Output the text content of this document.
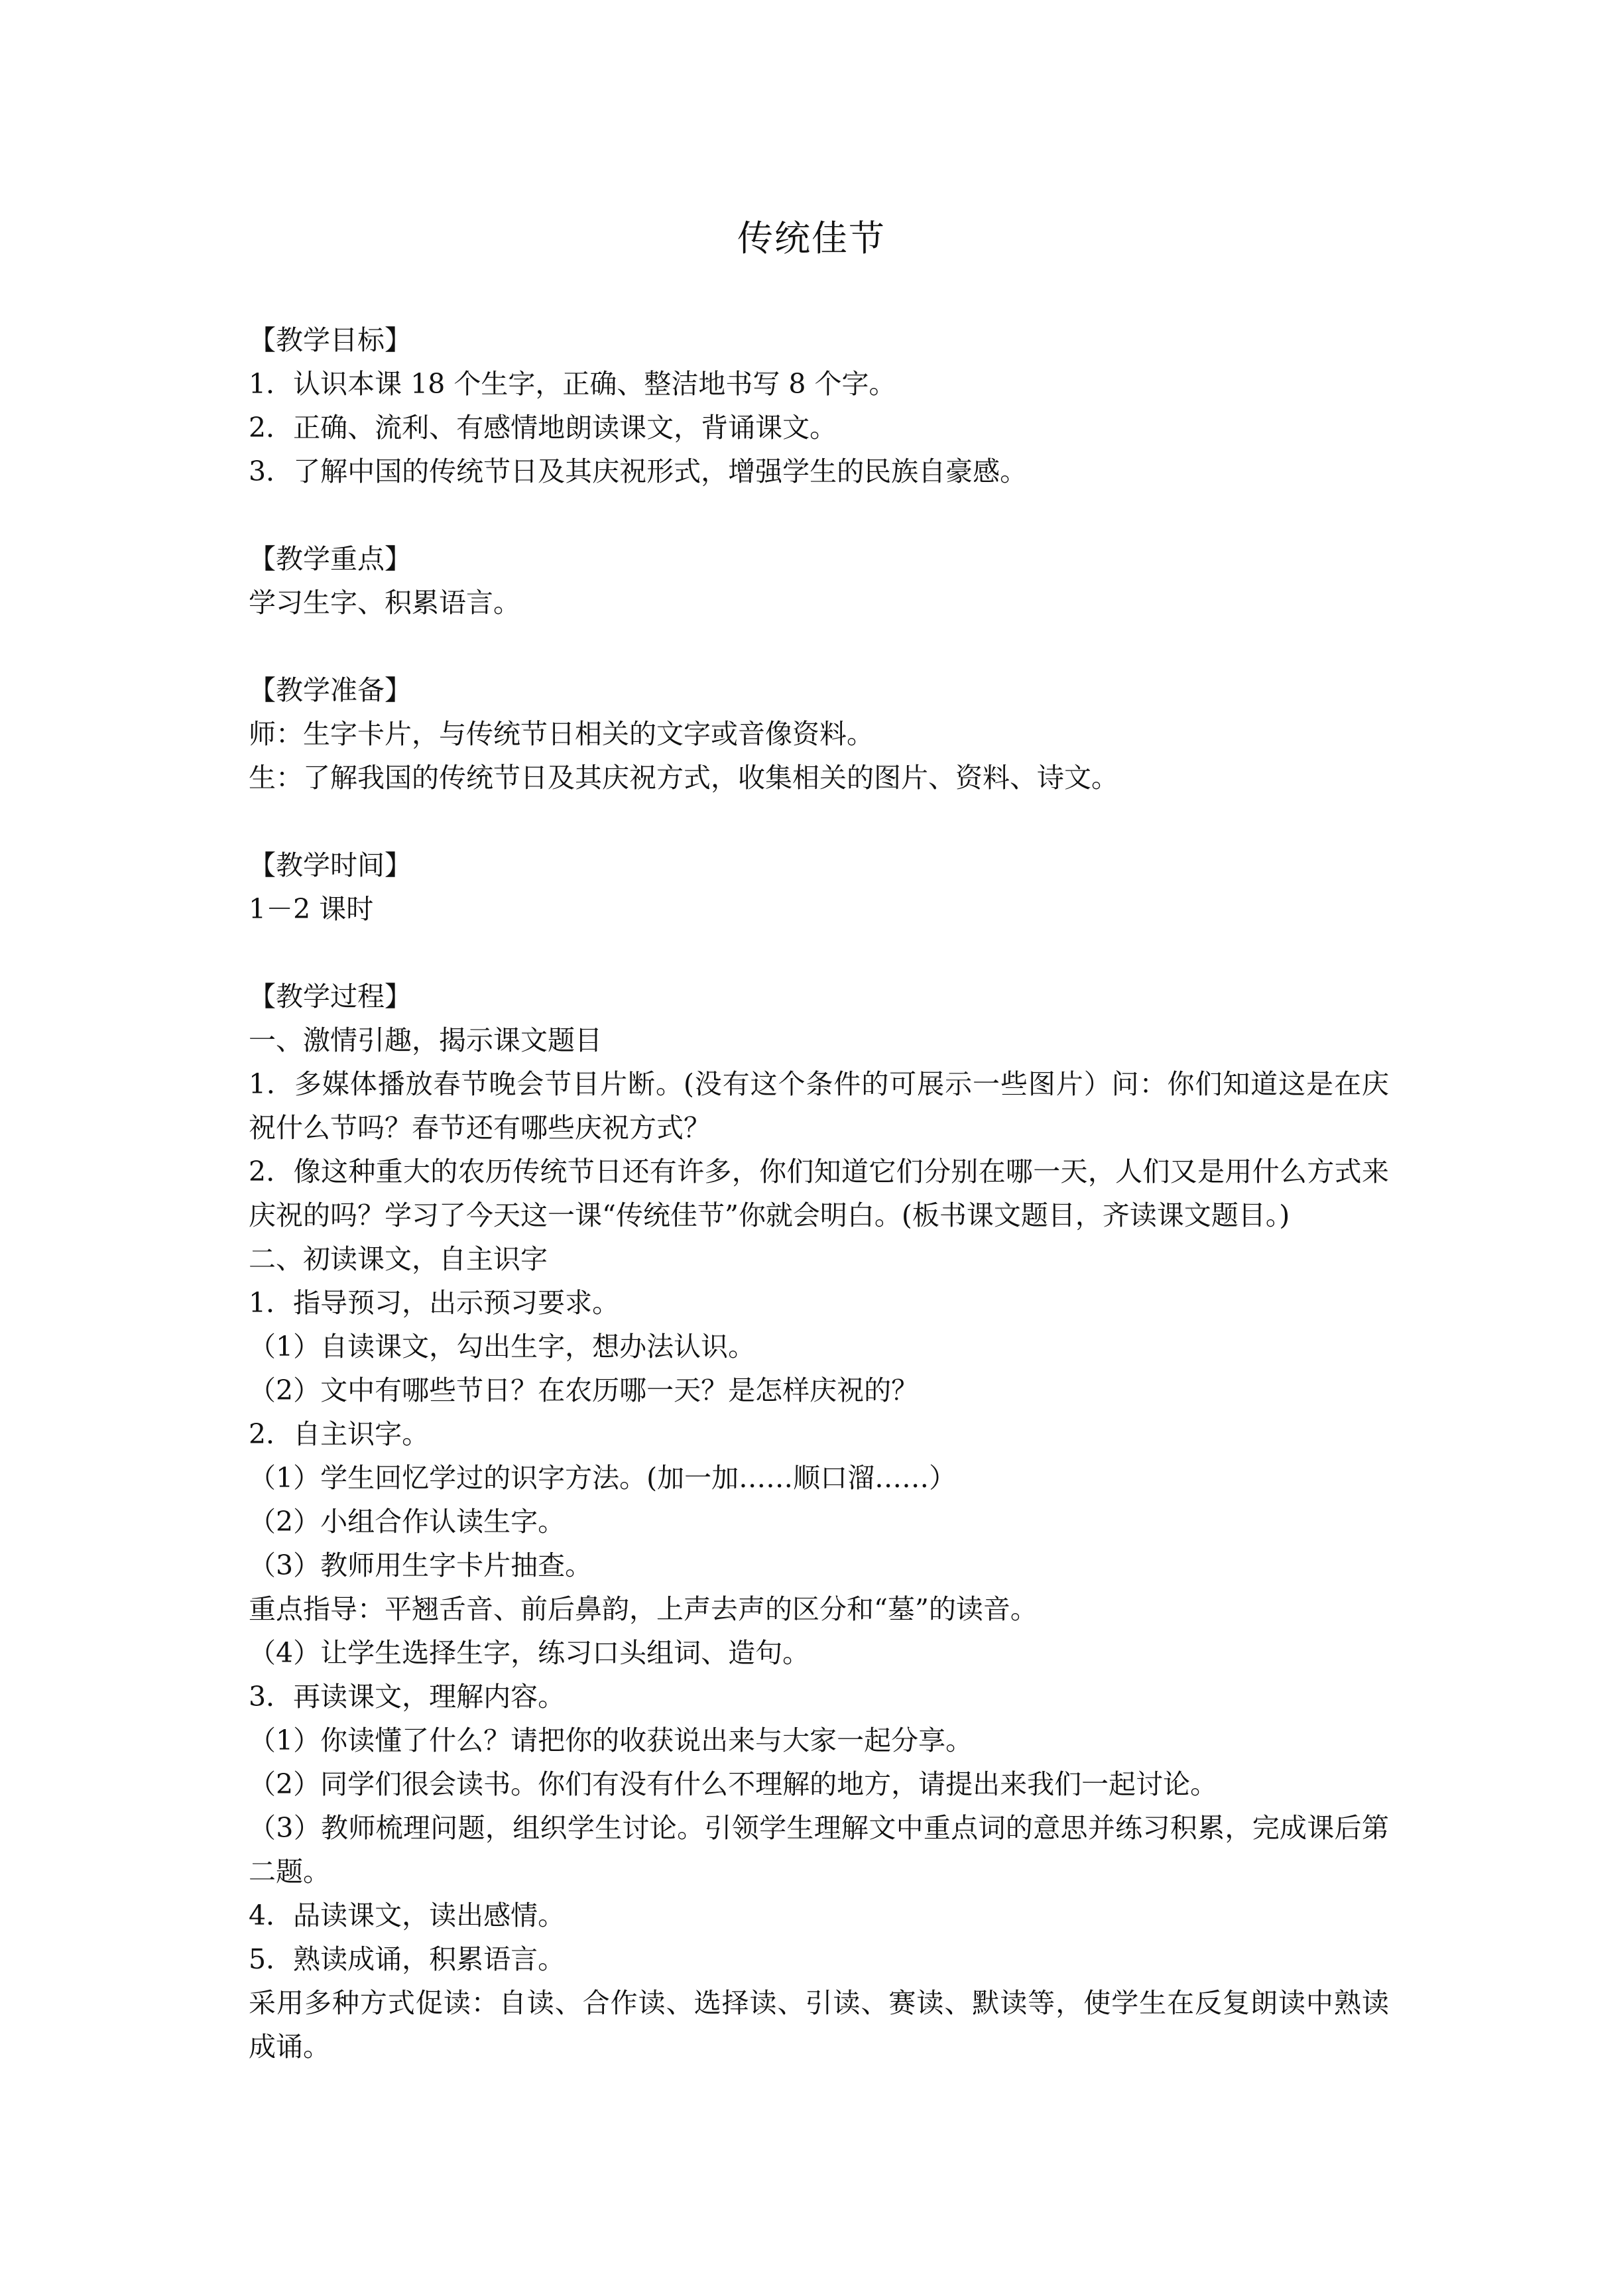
传统佳节

【教学目标】

1．认识本课 18 个生字，正确、整洁地书写 8 个字。

2．正确、流利、有感情地朗读课文，背诵课文。

3．了解中国的传统节日及其庆祝形式，增强学生的民族自豪感。

【教学重点】

学习生字、积累语言。

【教学准备】

师：生字卡片，与传统节日相关的文字或音像资料。

生：了解我国的传统节日及其庆祝方式，收集相关的图片、资料、诗文。

【教学时间】

1－2 课时

【教学过程】

一、激情引趣，揭示课文题目

1．多媒体播放春节晚会节目片断。(没有这个条件的可展示一些图片）问：你们知道这是在庆祝什么节吗？春节还有哪些庆祝方式？

2．像这种重大的农历传统节日还有许多，你们知道它们分别在哪一天，人们又是用什么方式来庆祝的吗？学习了今天这一课“传统佳节”你就会明白。(板书课文题目，齐读课文题目。)

二、初读课文，自主识字

1．指导预习，出示预习要求。

（1）自读课文，勾出生字，想办法认识。

（2）文中有哪些节日？在农历哪一天？是怎样庆祝的？

2．自主识字。

（1）学生回忆学过的识字方法。(加一加……顺口溜……）

（2）小组合作认读生字。

（3）教师用生字卡片抽查。

重点指导：平翘舌音、前后鼻韵，上声去声的区分和“墓”的读音。

（4）让学生选择生字，练习口头组词、造句。

3．再读课文，理解内容。

（1）你读懂了什么？请把你的收获说出来与大家一起分享。

（2）同学们很会读书。你们有没有什么不理解的地方，请提出来我们一起讨论。

（3）教师梳理问题，组织学生讨论。引领学生理解文中重点词的意思并练习积累，完成课后第二题。

4．品读课文，读出感情。

5．熟读成诵，积累语言。

采用多种方式促读：自读、合作读、选择读、引读、赛读、默读等，使学生在反复朗读中熟读成诵。
